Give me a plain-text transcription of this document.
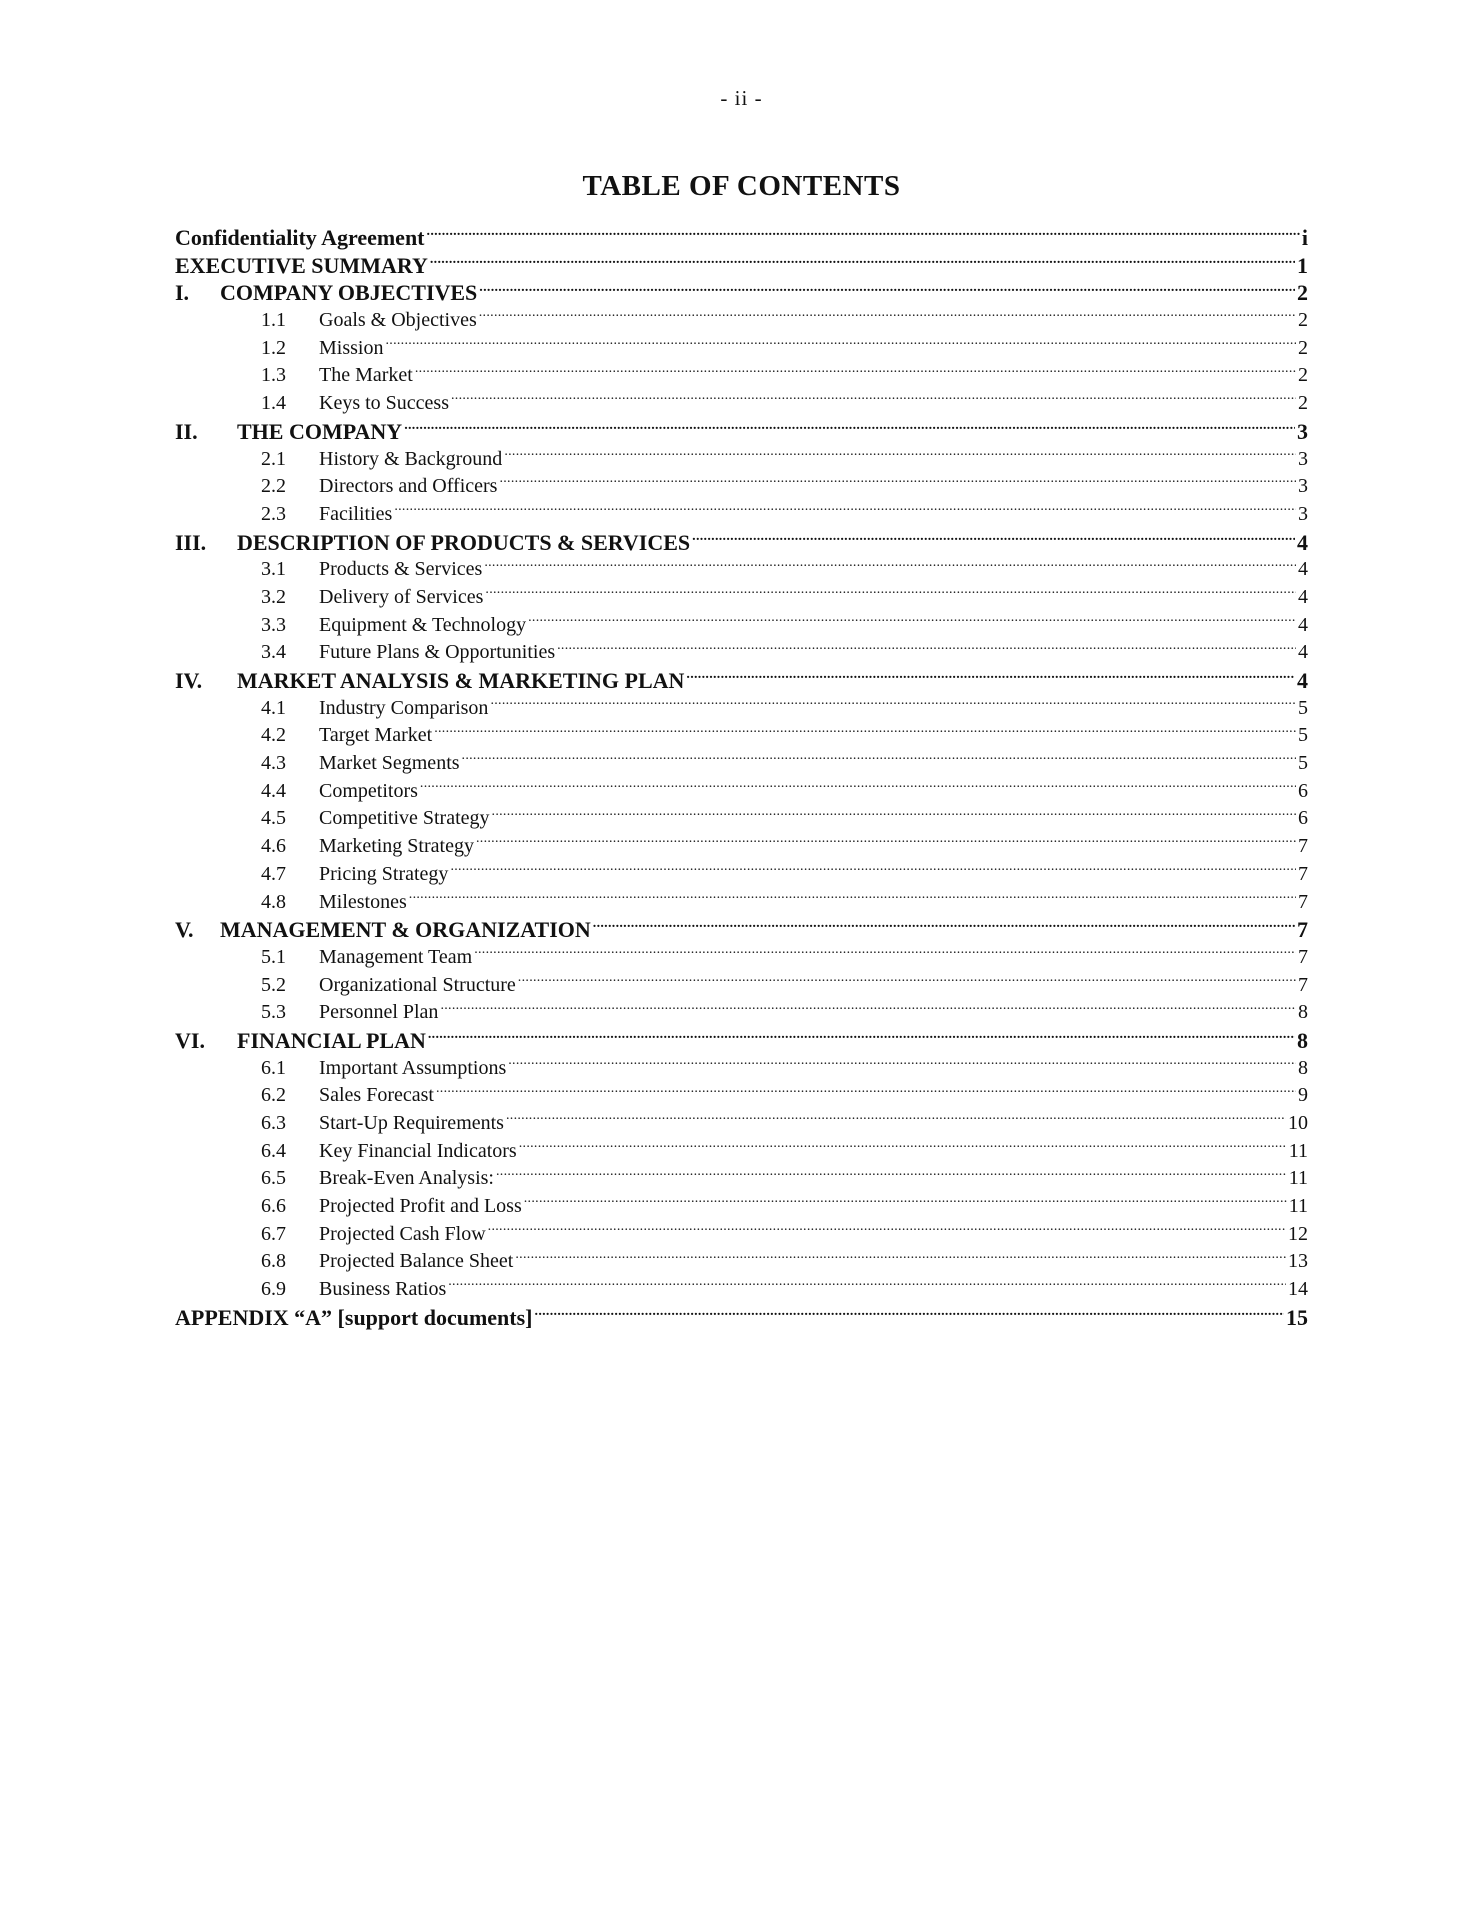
- ii -
TABLE OF CONTENTS
Confidentiality Agreement .....	i
EXECUTIVE SUMMARY .....	1
I.	COMPANY OBJECTIVES .....	2
1.1	Goals & Objectives .....	2
1.2	Mission .....	2
1.3	The Market .....	2
1.4	Keys to Success .....	2
II.	THE COMPANY .....	3
2.1	History & Background .....	3
2.2	Directors and Officers .....	3
2.3	Facilities .....	3
III.	DESCRIPTION OF PRODUCTS & SERVICES .....	4
3.1	Products & Services .....	4
3.2	Delivery of Services .....	4
3.3	Equipment & Technology .....	4
3.4	Future Plans & Opportunities .....	4
IV.	MARKET ANALYSIS & MARKETING PLAN .....	4
4.1	Industry Comparison .....	5
4.2	Target Market .....	5
4.3	Market Segments .....	5
4.4	Competitors .....	6
4.5	Competitive Strategy .....	6
4.6	Marketing Strategy .....	7
4.7	Pricing Strategy .....	7
4.8	Milestones .....	7
V.	MANAGEMENT & ORGANIZATION .....	7
5.1	Management Team .....	7
5.2	Organizational Structure .....	7
5.3	Personnel Plan .....	8
VI.	FINANCIAL PLAN .....	8
6.1	Important Assumptions .....	8
6.2	Sales Forecast .....	9
6.3	Start-Up Requirements .....	10
6.4	Key Financial Indicators .....	11
6.5	Break-Even Analysis: .....	11
6.6	Projected Profit and Loss .....	11
6.7	Projected Cash Flow .....	12
6.8	Projected Balance Sheet .....	13
6.9	Business Ratios .....	14
APPENDIX “A” [support documents] .....	15
